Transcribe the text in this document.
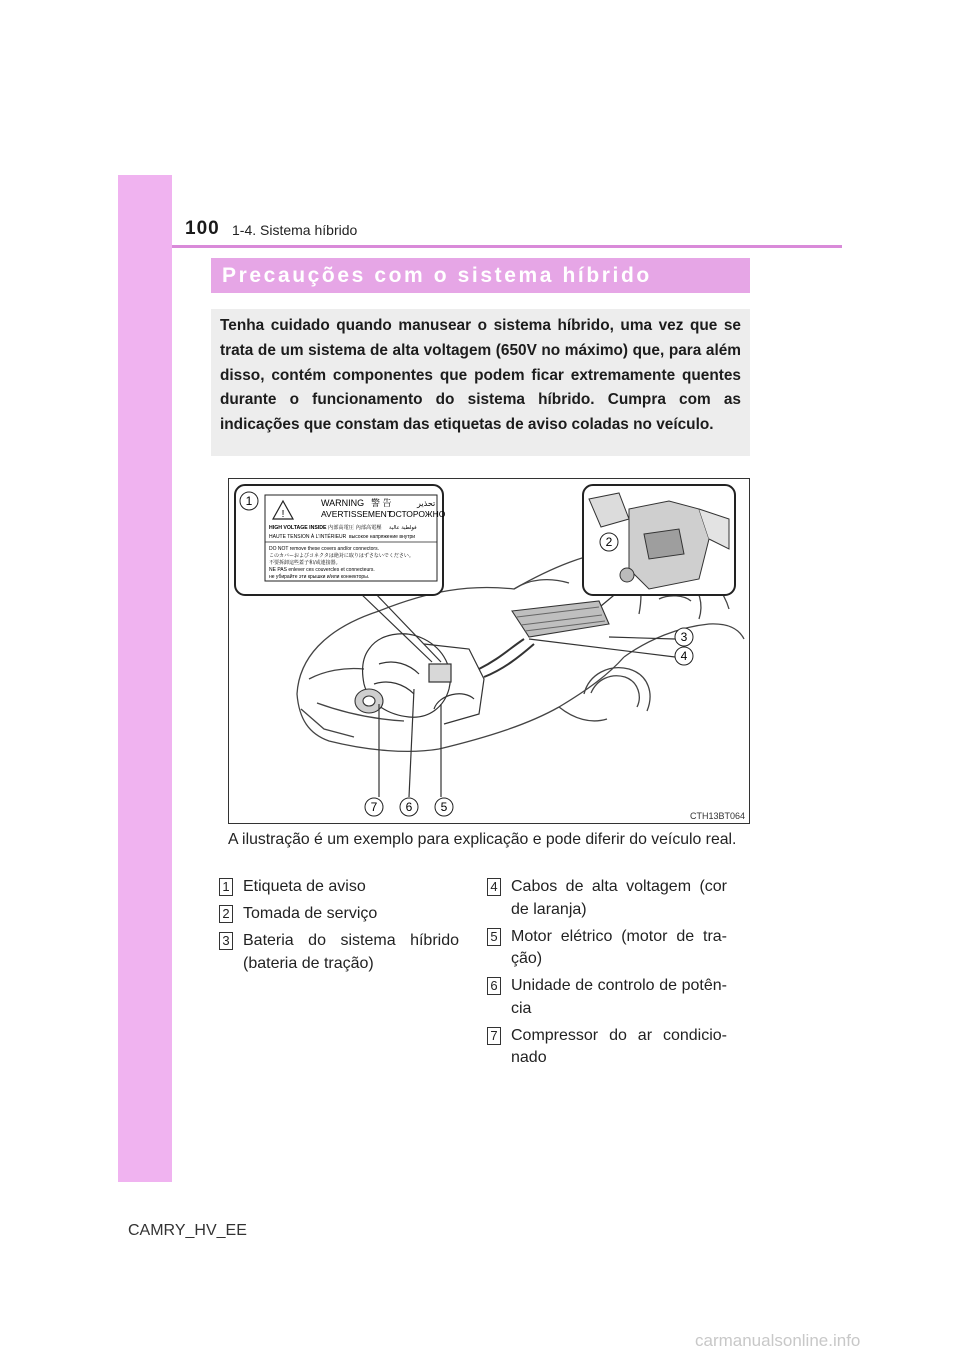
100 1-4. Sistema híbrido
Precauções com o sistema híbrido

Tenha cuidado quando manusear o sistema híbrido, uma vez que se trata de um sistema de alta voltagem (650V no máximo) que, para além disso, contém componentes que podem ficar extremamente quentes durante o funcionamento do sistema híbrido. Cumpra com as indicações que constam das etiquetas de aviso coladas no veículo.

!
WARNING 警 告	تحذير
AVERTISSEMENT
ОСТОРОЖНО
HIGH VOLTAGE INSIDE 内部高電圧 內部高電壓 فولطية عالية
HAUTE TENSION À L'INTÉRIEUR высокое напряжение внутри
DO NOT remove these covers and/or connectors.
このカバーおよびコネクタは絶対に取りはずさないでください。
不要拆卸這些蓋子和/或連接器。
NE PAS enlever ces couvercles et connecteurs.
не убирайте эти крышки и/или коннекторы.
1
2
3
4
5
6
7
CTH13BT064
A ilustração é um exemplo para explicação e pode diferir do veículo real.
1 Etiqueta de aviso
2 Tomada de serviço
3 Bateria do sistema híbrido (bateria de tração)
4 Cabos de alta voltagem (cor de laranja)
5 Motor elétrico (motor de tra-ção)
6 Unidade de controlo de potên-cia
7 Compressor do ar condicio-nado
CAMRY_HV_EE
carmanualsonline.info
